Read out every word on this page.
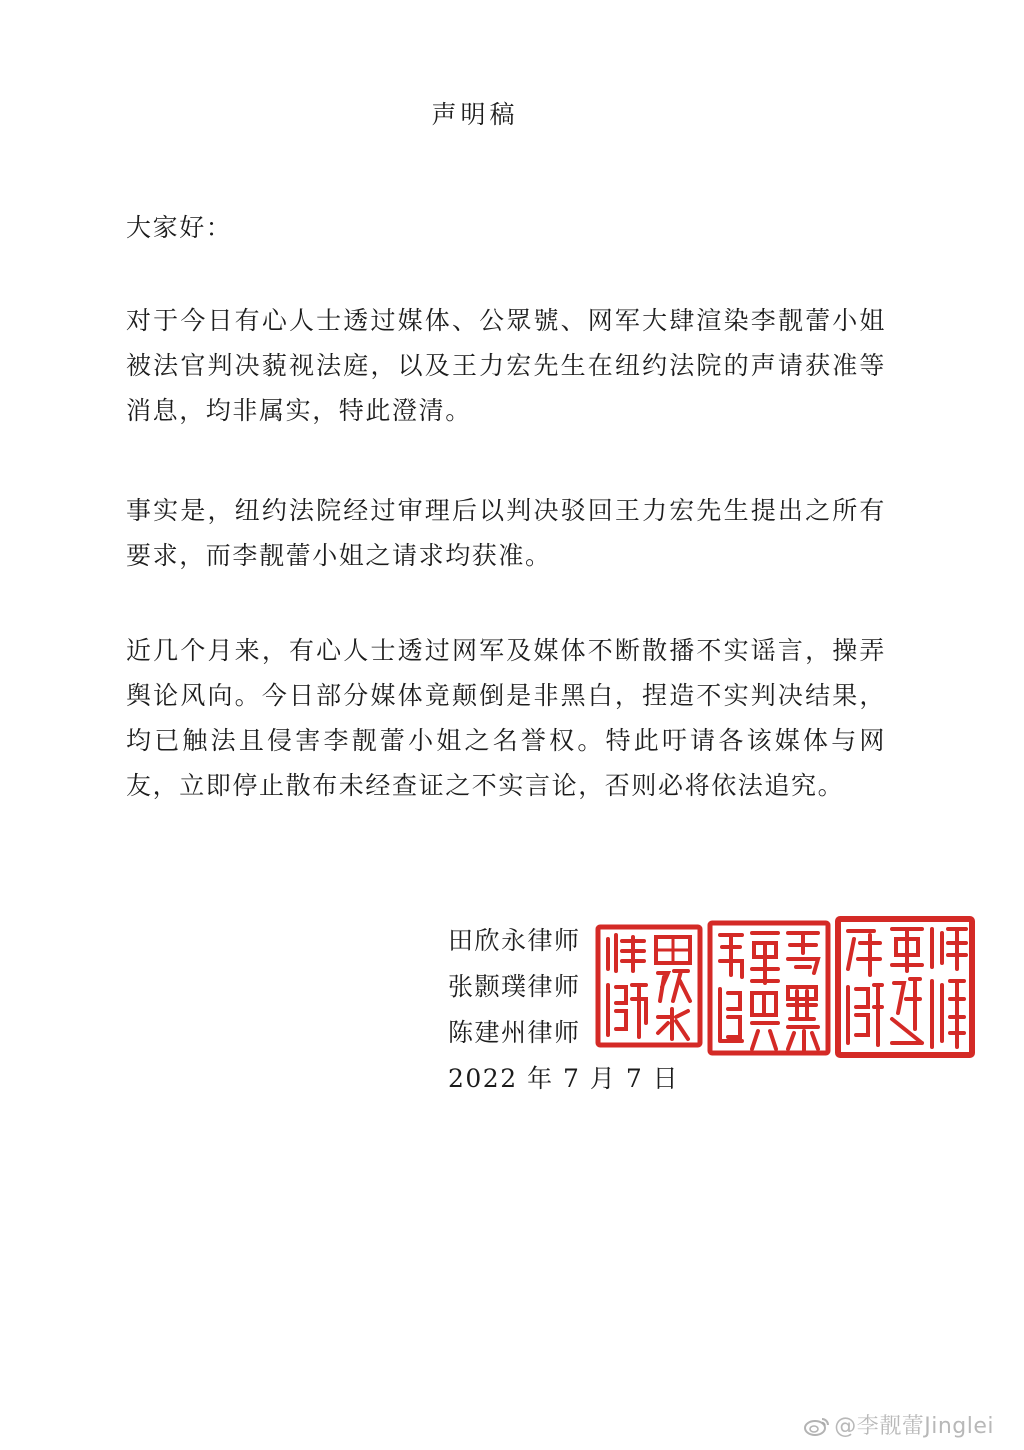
声明稿

大家好：

对于今日有心人士透过媒体、公眾號、网军大肆渲染李靓蕾小姐被法官判决藐视法庭，以及王力宏先生在纽约法院的声请获准等消息，均非属实，特此澄清。

事实是，纽约法院经过审理后以判决驳回王力宏先生提出之所有要求，而李靓蕾小姐之请求均获准。

近几个月来，有心人士透过网军及媒体不断散播不实谣言，操弄舆论风向。今日部分媒体竟颠倒是非黑白，捏造不实判决结果，均已触法且侵害李靓蕾小姐之名誉权。特此吁请各该媒体与网友，立即停止散布未经查证之不实言论，否则必将依法追究。

田欣永律师
张颢璞律师
陈建州律师
2022 年 7 月 7 日
@李靓蕾Jinglei
